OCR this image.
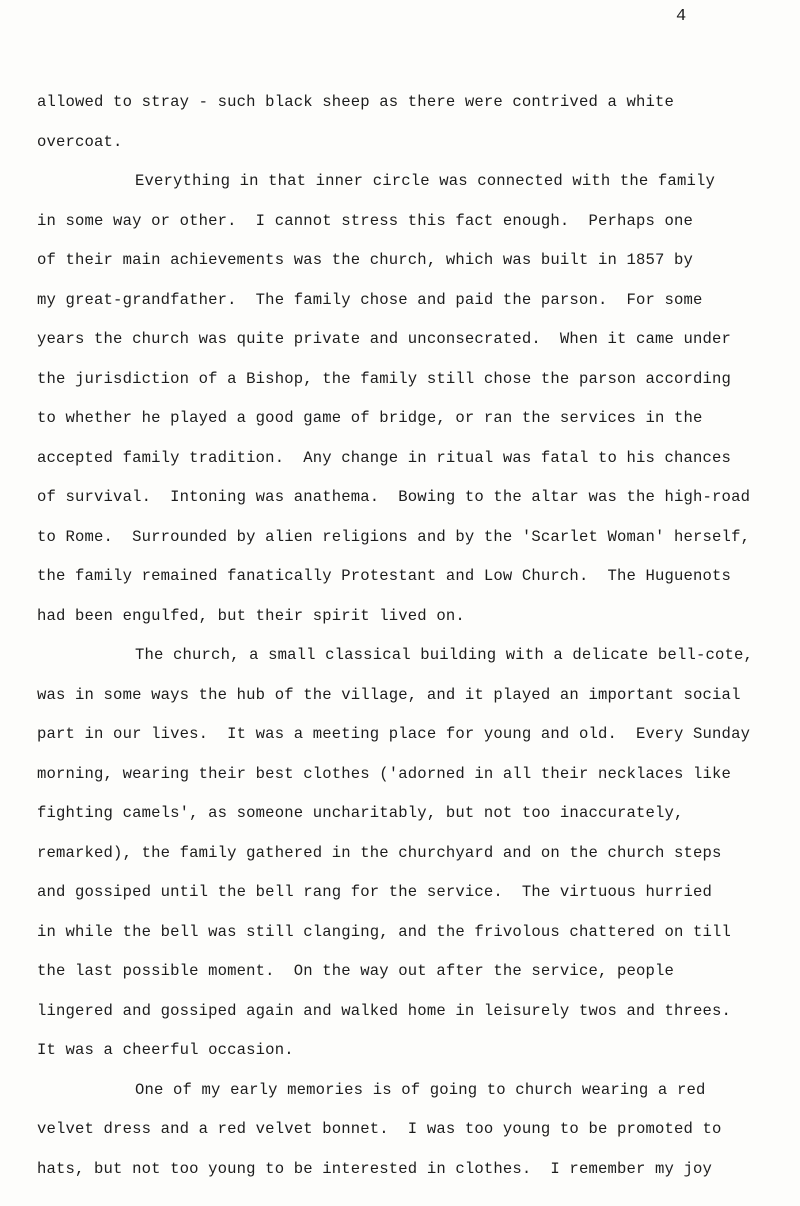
4
allowed to stray - such black sheep as there were contrived a white
overcoat.
Everything in that inner circle was connected with the family
in some way or other.  I cannot stress this fact enough.  Perhaps one
of their main achievements was the church, which was built in 1857 by
my great-grandfather.  The family chose and paid the parson.  For some
years the church was quite private and unconsecrated.  When it came under
the jurisdiction of a Bishop, the family still chose the parson according
to whether he played a good game of bridge, or ran the services in the
accepted family tradition.  Any change in ritual was fatal to his chances
of survival.  Intoning was anathema.  Bowing to the altar was the high-road
to Rome.  Surrounded by alien religions and by the 'Scarlet Woman' herself,
the family remained fanatically Protestant and Low Church.  The Huguenots
had been engulfed, but their spirit lived on.
The church, a small classical building with a delicate bell-cote,
was in some ways the hub of the village, and it played an important social
part in our lives.  It was a meeting place for young and old.  Every Sunday
morning, wearing their best clothes ('adorned in all their necklaces like
fighting camels', as someone uncharitably, but not too inaccurately,
remarked), the family gathered in the churchyard and on the church steps
and gossiped until the bell rang for the service.  The virtuous hurried
in while the bell was still clanging, and the frivolous chattered on till
the last possible moment.  On the way out after the service, people
lingered and gossiped again and walked home in leisurely twos and threes.
It was a cheerful occasion.
One of my early memories is of going to church wearing a red
velvet dress and a red velvet bonnet.  I was too young to be promoted to
hats, but not too young to be interested in clothes.  I remember my joy
